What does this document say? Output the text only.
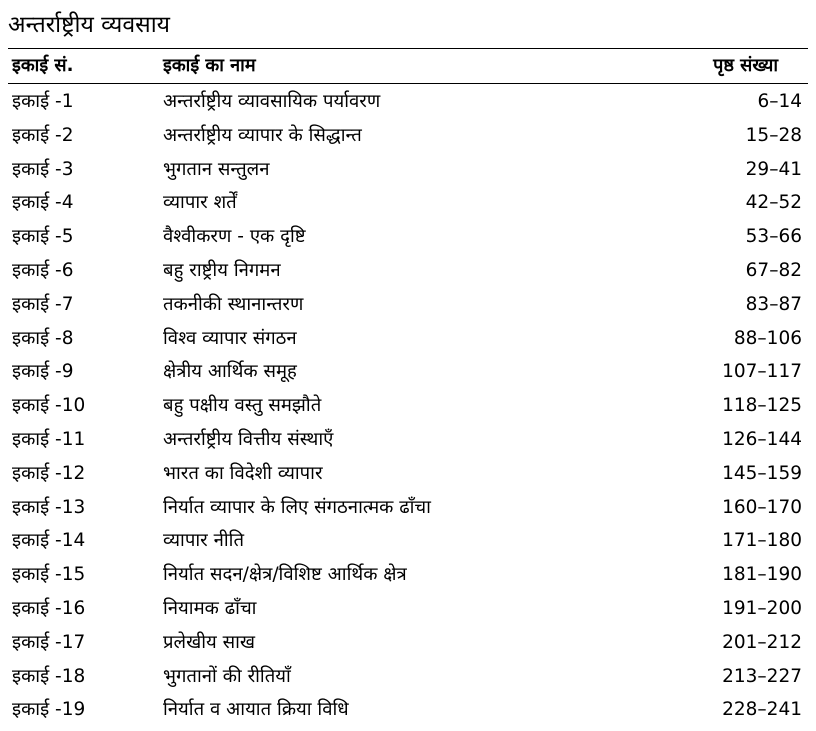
अन्तर्राष्ट्रीय व्यवसाय
इकाई सं.	इकाई का नाम	पृष्ठ संख्या
इकाई -1	अन्तर्राष्ट्रीय व्यावसायिक पर्यावरण	6–14
इकाई -2	अन्तर्राष्ट्रीय व्यापार के सिद्धान्त	15–28
इकाई -3	भुगतान सन्तुलन	29–41
इकाई -4	व्यापार शर्तें	42–52
इकाई -5	वैश्वीकरण - एक दृष्टि	53–66
इकाई -6	बहु राष्ट्रीय निगमन	67–82
इकाई -7	तकनीकी स्थानान्तरण	83–87
इकाई -8	विश्व व्यापार संगठन	88–106
इकाई -9	क्षेत्रीय आर्थिक समूह	107–117
इकाई -10	बहु पक्षीय वस्तु समझौते	118–125
इकाई -11	अन्तर्राष्ट्रीय वित्तीय संस्थाएँ	126–144
इकाई -12	भारत का विदेशी व्यापार	145–159
इकाई -13	निर्यात व्यापार के लिए संगठनात्मक ढाँचा	160–170
इकाई -14	व्यापार नीति	171–180
इकाई -15	निर्यात सदन/क्षेत्र/विशिष्ट आर्थिक क्षेत्र	181–190
इकाई -16	नियामक ढाँचा	191–200
इकाई -17	प्रलेखीय साख	201–212
इकाई -18	भुगतानों की रीतियाँ	213–227
इकाई -19	निर्यात व आयात क्रिया विधि	228–241
